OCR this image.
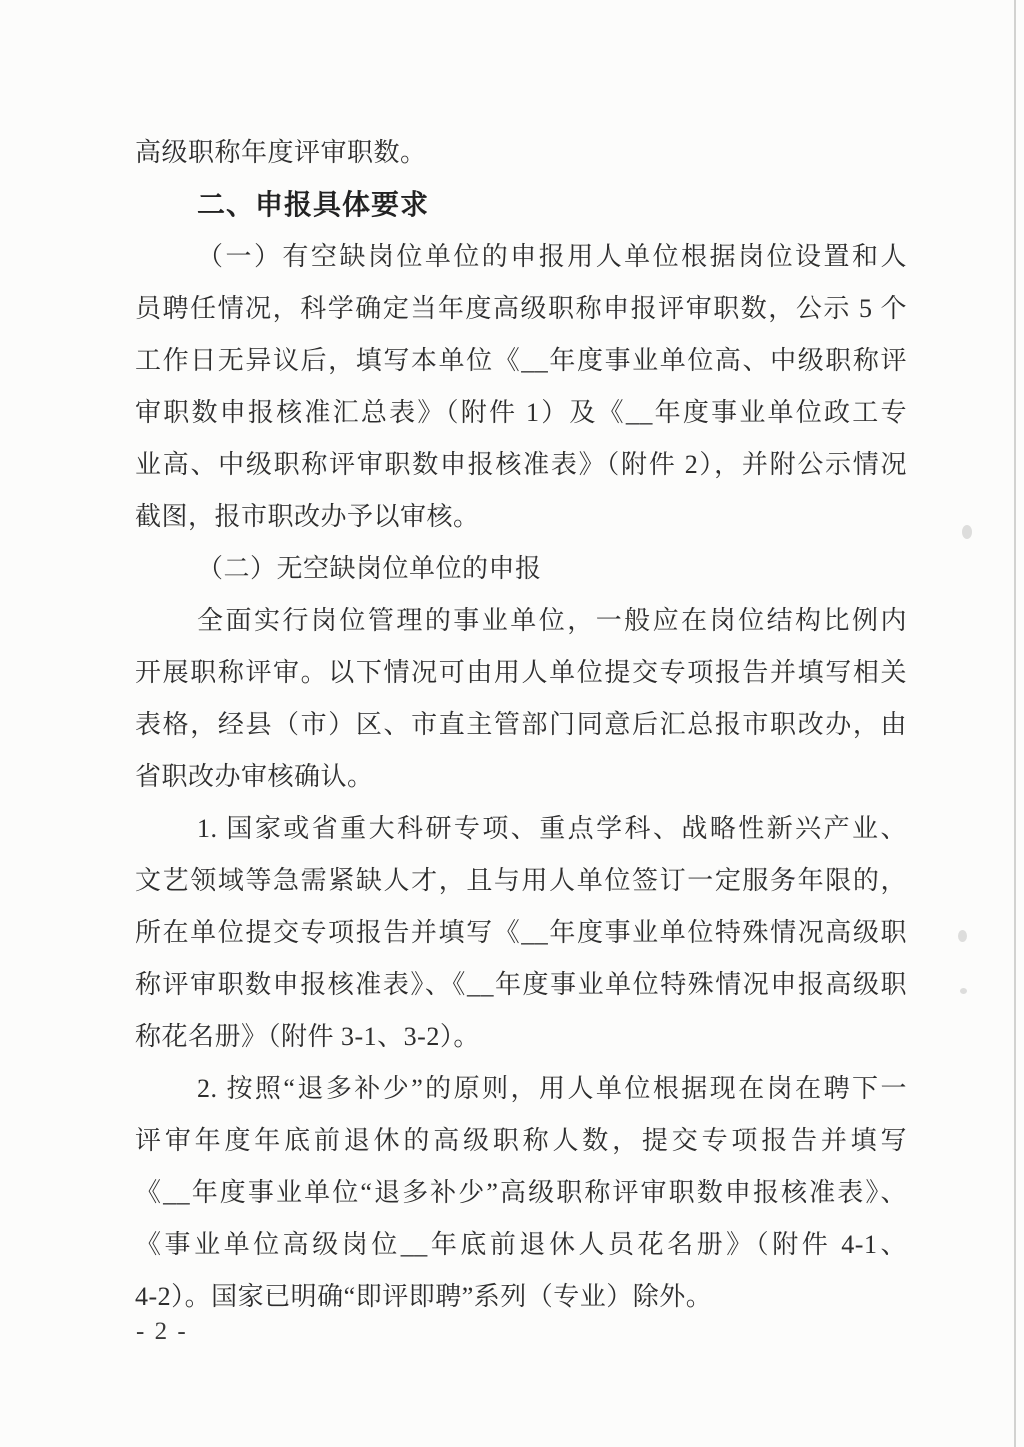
高级职称年度评审职数。
二、申报具体要求
（一）有空缺岗位单位的申报用人单位根据岗位设置和人
员聘任情况，科学确定当年度高级职称申报评审职数，公示 5 个
工作日无异议后，填写本单位《__年度事业单位高、中级职称评
审职数申报核准汇总表》（附件 1）及《__年度事业单位政工专
业高、中级职称评审职数申报核准表》（附件 2），并附公示情况
截图，报市职改办予以审核。
（二）无空缺岗位单位的申报
全面实行岗位管理的事业单位，一般应在岗位结构比例内
开展职称评审。以下情况可由用人单位提交专项报告并填写相关
表格，经县（市）区、市直主管部门同意后汇总报市职改办，由
省职改办审核确认。
1. 国家或省重大科研专项、重点学科、战略性新兴产业、
文艺领域等急需紧缺人才，且与用人单位签订一定服务年限的，
所在单位提交专项报告并填写《__年度事业单位特殊情况高级职
称评审职数申报核准表》、《__年度事业单位特殊情况申报高级职
称花名册》（附件 3-1、3-2）。
2. 按照“退多补少”的原则，用人单位根据现在岗在聘下一
评审年度年底前退休的高级职称人数，提交专项报告并填写
《__年度事业单位“退多补少”高级职称评审职数申报核准表》、
《事业单位高级岗位__年底前退休人员花名册》（附件 4-1、
4-2）。国家已明确“即评即聘”系列（专业）除外。
- 2 -
